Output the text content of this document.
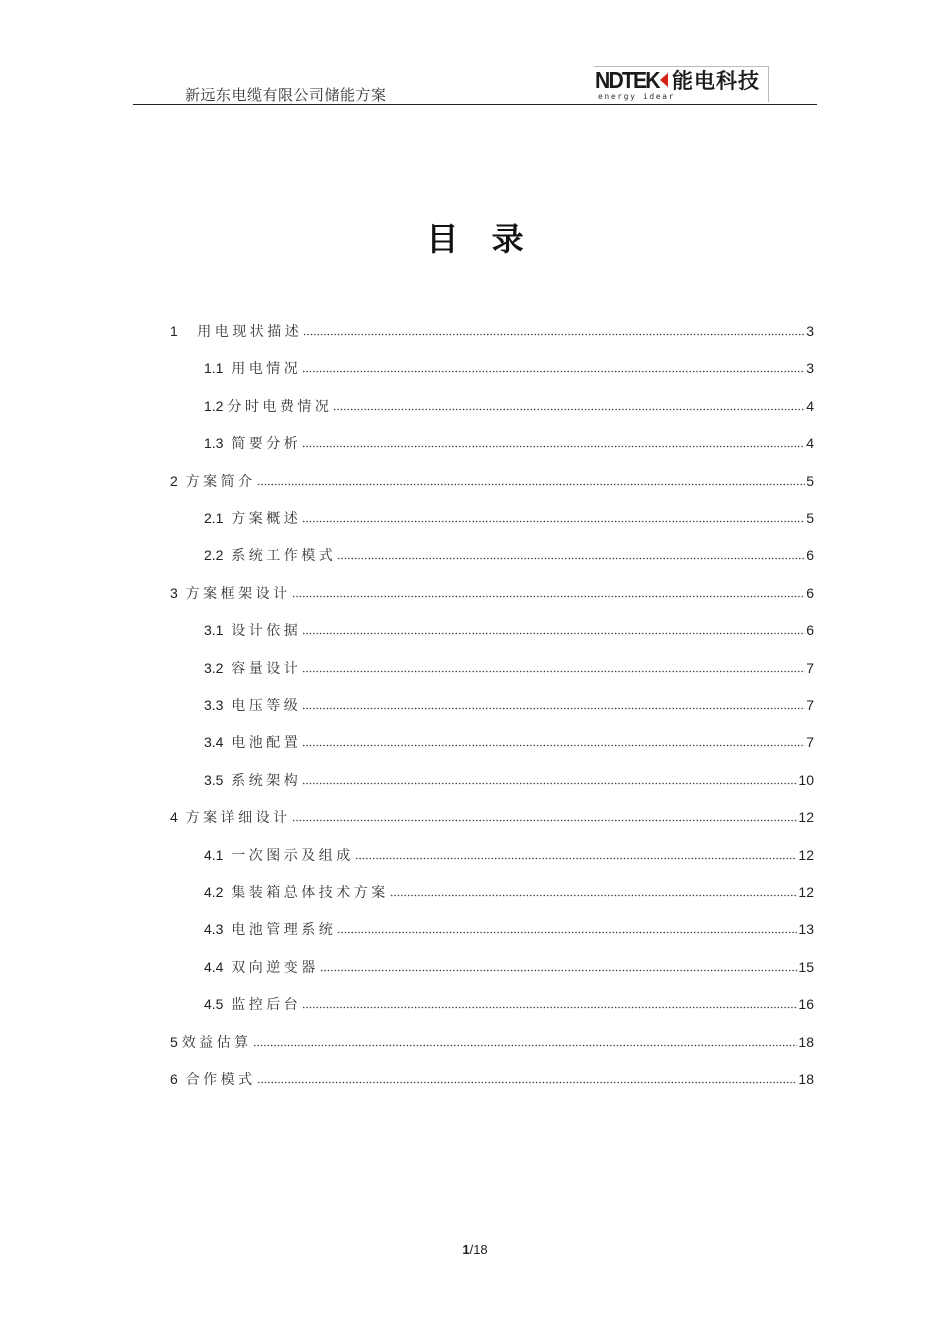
新远东电缆有限公司储能方案
NDTEK 能电科技
energy idear
目 录
1 用电现状描述	3
1.1 用电情况	3
1.2 分时电费情况	4
1.3 简要分析	4
2 方案简介	5
2.1 方案概述	5
2.2 系统工作模式	6
3 方案框架设计	6
3.1 设计依据	6
3.2 容量设计	7
3.3 电压等级	7
3.4 电池配置	7
3.5 系统架构	10
4 方案详细设计	12
4.1 一次图示及组成	12
4.2 集装箱总体技术方案	12
4.3 电池管理系统	13
4.4 双向逆变器	15
4.5 监控后台	16
5 效益估算	18
6 合作模式	18
1/18
